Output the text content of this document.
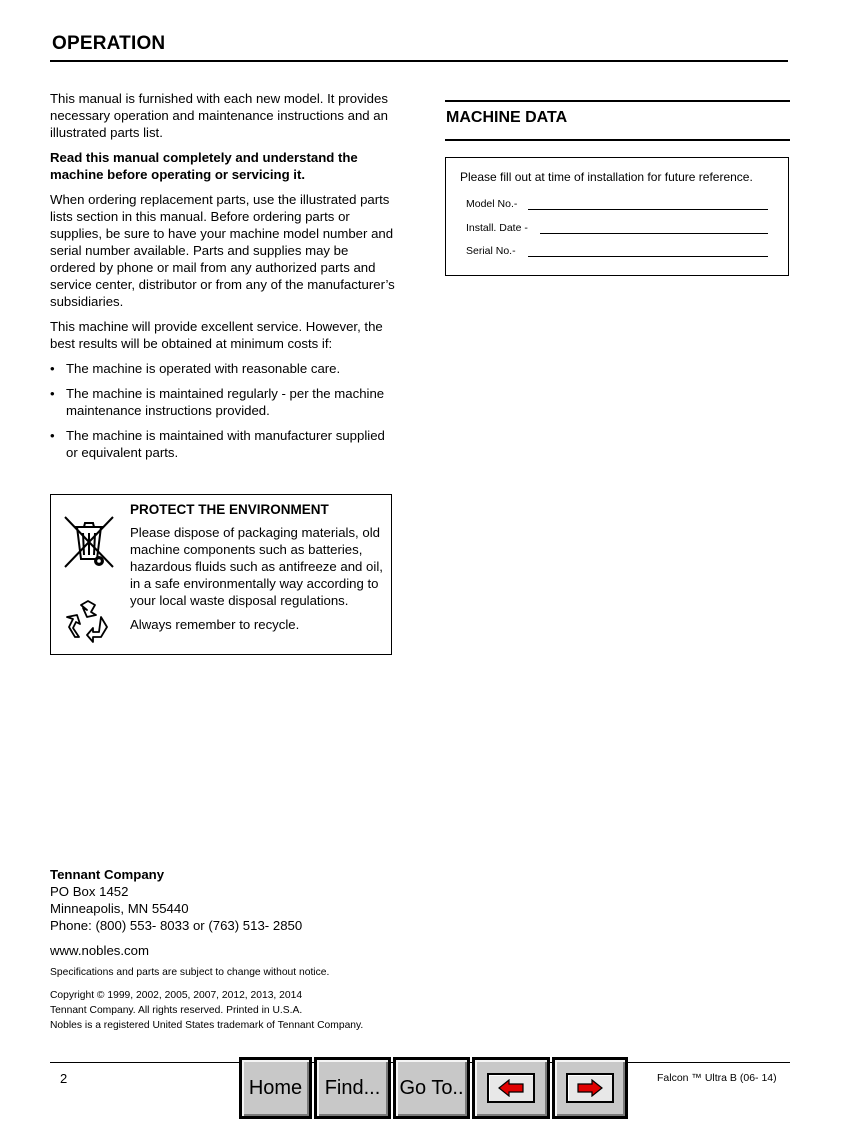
OPERATION

This manual is furnished with each new model. It provides necessary operation and maintenance instructions and an illustrated parts list.

Read this manual completely and understand the machine before operating or servicing it.

When ordering replacement parts, use the illustrated parts lists section in this manual. Before ordering parts or supplies, be sure to have your machine model number and serial number available. Parts and supplies may be ordered by phone or mail from any authorized parts and service center, distributor or from any of the manufacturer’s subsidiaries.

This machine will provide excellent service. However, the best results will be obtained at minimum costs if:

• The machine is operated with reasonable care.
• The machine is maintained regularly - per the machine maintenance instructions provided.
• The machine is maintained with manufacturer supplied or equivalent parts.
PROTECT THE ENVIRONMENT

Please dispose of packaging materials, old machine components such as batteries, hazardous fluids such as antifreeze and oil, in a safe environmentally way according to your local waste disposal regulations.

Always remember to recycle.

MACHINE DATA
Please fill out at time of installation for future reference.
Model No.-
Install. Date -
Serial No.-
Tennant Company
PO Box 1452
Minneapolis, MN 55440
Phone: (800) 553- 8033 or (763) 513- 2850
www.nobles.com
Specifications and parts are subject to change without notice.
Copyright © 1999, 2002, 2005, 2007, 2012, 2013, 2014
Tennant Company. All rights reserved. Printed in U.S.A.
Nobles is a registered United States trademark of Tennant Company.
2	Falcon ™ Ultra B (06- 14)
Home	Find... Go To..
